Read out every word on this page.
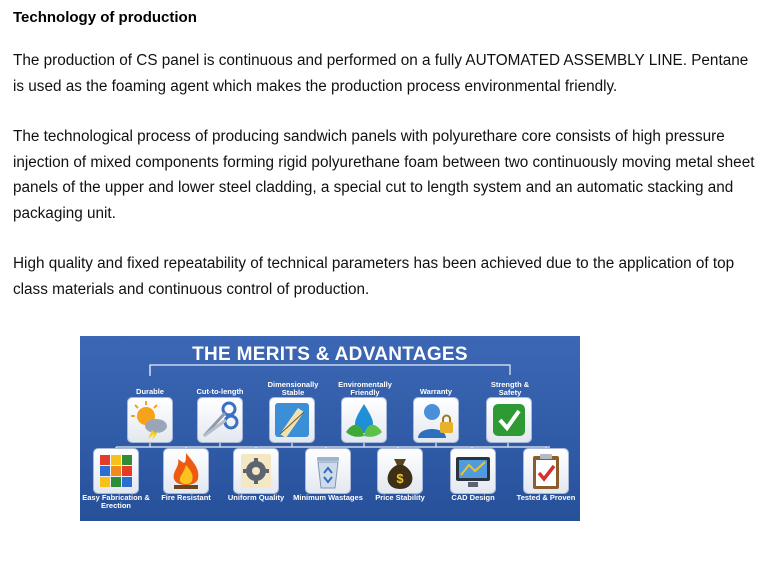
Technology of production

The production of CS panel is continuous and performed on a fully AUTOMATED ASSEMBLY LINE. Pentane is used as the foaming agent which makes the production process environmental friendly.

The technological process of producing sandwich panels with polyurethare core consists of high pressure injection of mixed components forming rigid polyurethane foam between two continuously moving metal sheet panels of the upper and lower steel cladding, a special cut to length system and an automatic stacking and packaging unit.

High quality and fixed repeatability of technical parameters has been achieved due to the application of top class materials and continuous control of production.

THE MERITS & ADVANTAGES
Durable	Cut-to-length
Dimensionally Stable
Enviromentally Friendly	Warranty
Strength & Safety
$
Easy Fabrication & Erection
Fire Resistant	Uniform Quality	Minimum Wastages	Price Stability	CAD Design	Tested & Proven
